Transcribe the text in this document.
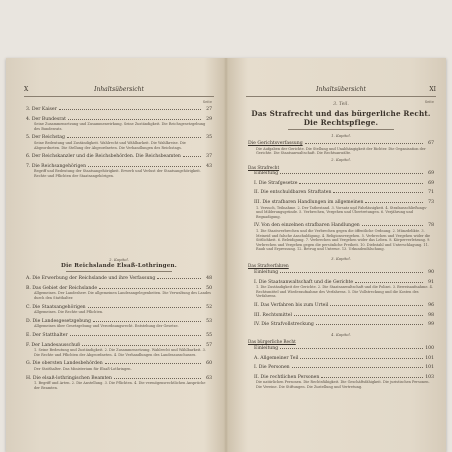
X	Inhaltsübersicht
Seite
3. Der Kaiser	27
4. Der Bundesrat	29
Seine Zusammensetzung und Zusammenwirkung. Seine Zuständigkeit. Die Reichsgesetzgebung des Bundesrats.
5. Der Reichstag	35
Seine Bedeutung und Zuständigkeit. Wahlrecht und Wählbarkeit. Die Wahlkreise. Die Abgeordneten. Die Stellung der Abgeordneten. Die Verhandlungen des Reichstags.
6. Der Reichskanzler und die Reichsbehörden. Die Reichsbeamten	37
7. Die Reichsangehörigen	43
Begriff und Bedeutung der Staatsangehörigkeit. Erwerb und Verlust der Staatsangehörigkeit. Rechte und Pflichten der Staatsangehörigen.
2. Kapitel.
Die Reichslande Elsaß-Lothringen.
A. Die Erwerbung der Reichslande und ihre Verfassung	48
B. Das Gebiet der Reichslande	50
Allgemeines. Der Landesherr. Die allgemeinen Landesangelegenheiten. Die Verwaltung des Landes durch den Statthalter.
C. Die Staatsangehörigen	52
Allgemeines. Die Rechte und Pflichten.
D. Die Landesgesetzgebung	53
Allgemeines über Gesetzgebung und Verordnungsrecht. Entstehung der Gesetze.
E. Der Statthalter	55
F. Der Landesausschuß	57
1. Seine Bedeutung und Zuständigkeit. 2. Die Zusammensetzung. Wahlrecht und Wählbarkeit. 3. Die Rechte und Pflichten der Abgeordneten. 4. Die Verhandlungen des Landesausschusses.
G. Die obersten Landesbehörden	60
Der Statthalter. Das Ministerium für Elsaß-Lothringen.
H. Die elsaß-lothringischen Beamten	63
1. Begriff und Arten. 2. Die Anstellung. 3. Die Pflichten. 4. Die vermögensrechtlichen Ansprüche der Beamten.
Inhaltsübersicht	XI
Seite
3. Teil.
Das Strafrecht und das bürgerliche Recht.
Die Rechtspflege.
1. Kapitel.
Die Gerichtsverfassung	67
Die Aufgaben der Gerichte. Die Stellung und Unabhängigkeit der Richter. Die Organisation der Gerichte. Die Staatsanwaltschaft. Die Rechtsanwälte.
2. Kapitel.
Das Strafrecht
Einleitung	69
I. Die Strafgesetze	69
II. Die entschuldbaren Straftaten	71
III. Die strafbaren Handlungen im allgemeinen	73
1. Versuch, Teilnahme. 2. Der Tatbestand. 3. Vorsatz und Fahrlässigkeit. 4. Strafausschließungs- und Milderungsgründe. 5. Verbrechen, Vergehen und Übertretungen. 6. Verjährung und Begnadigung.
IV. Von den einzelnen strafbaren Handlungen	78
1. Die Staatsverbrechen und die Verbrechen gegen die öffentliche Ordnung. 2. Münzdelikte. 3. Meineid und falsche Anschuldigung. 4. Religionsvergehen. 5. Verbrechen und Vergehen wider die Sittlichkeit. 6. Beleidigung. 7. Verbrechen und Vergehen wider das Leben. 8. Körperverletzung. 9. Verbrechen und Vergehen gegen die persönliche Freiheit. 10. Diebstahl und Unterschlagung. 11. Raub und Erpressung. 12. Betrug und Untreue. 13. Urkundenfälschung.
3. Kapitel.
Das Strafverfahren
Einleitung	90
I. Die Staatsanwaltschaft und die Gerichte	91
1. Die Zuständigkeit der Gerichte. 2. Die Staatsanwaltschaft und die Polizei. 3. Beweisaufnahme. 4. Rechtsmittel und Wiederaufnahme des Verfahrens. 5. Die Vollstreckung und die Kosten des Verfahrens.
II. Das Verfahren bis zum Urteil	96
III. Rechtsmittel	98
IV. Die Strafvollstreckung	99
4. Kapitel.
Das bürgerliche Recht
Einleitung	100
A. Allgemeiner Teil	101
I. Die Personen	101
II. Die rechtlichen Personen	103
Die natürlichen Personen. Die Rechtsfähigkeit. Die Geschäftsfähigkeit. Die juristischen Personen. Die Vereine. Die Stiftungen. Die Zustellung und Vertretung.
